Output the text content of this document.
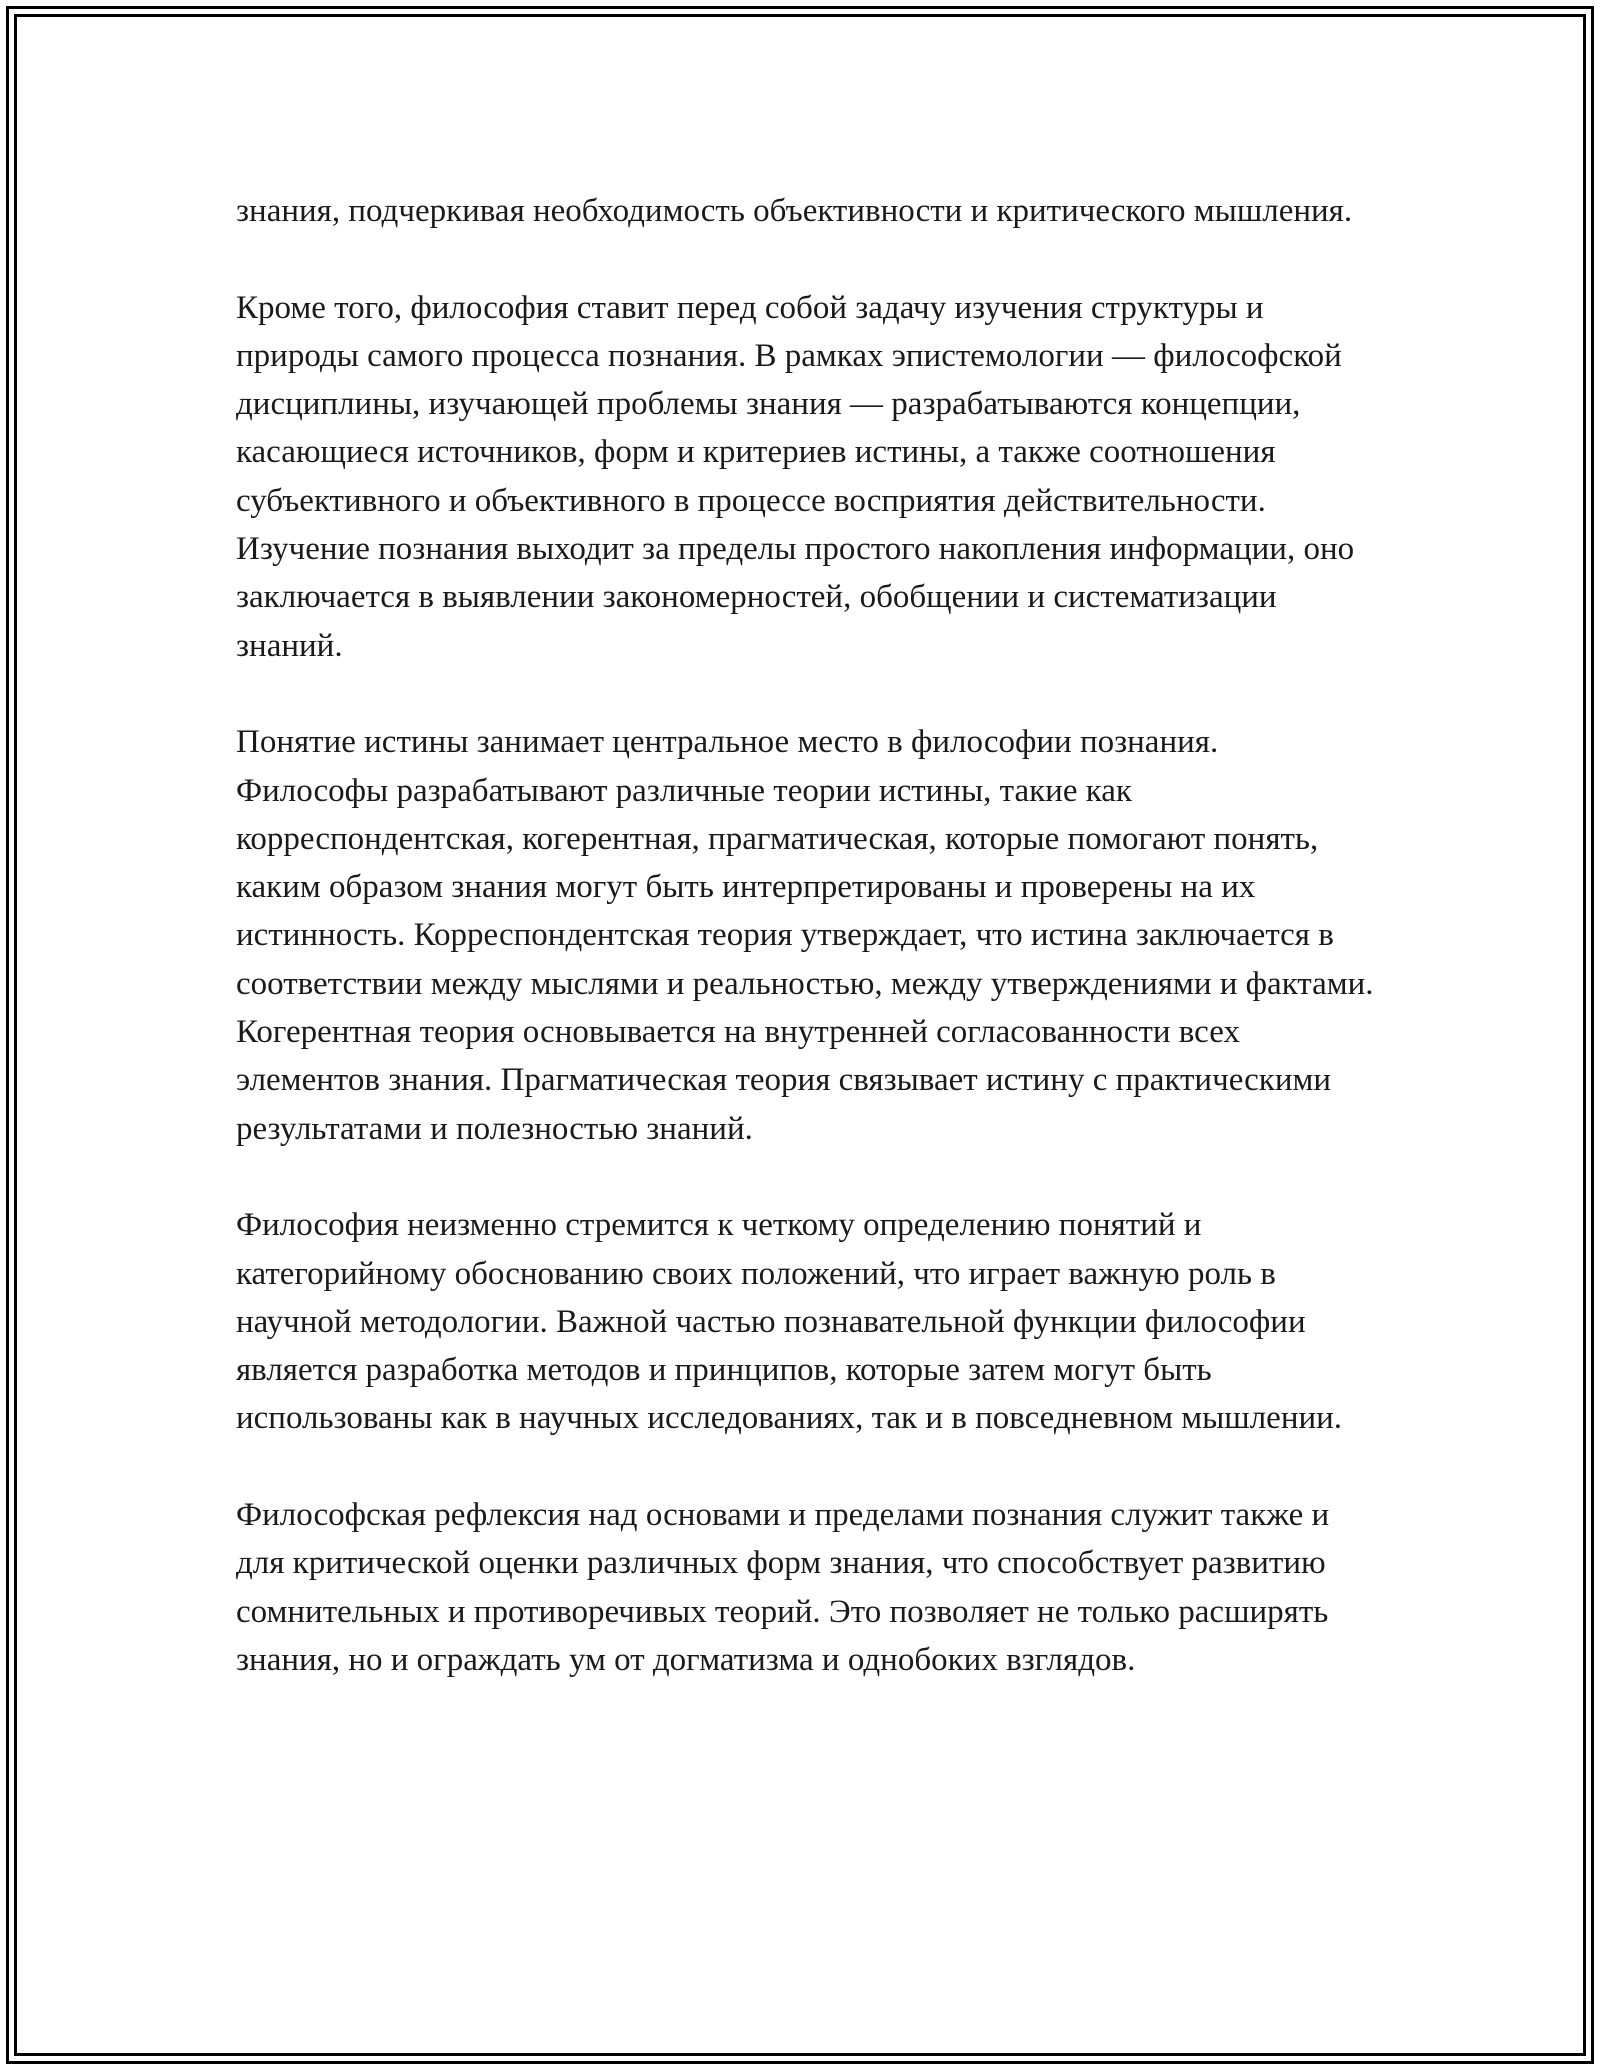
знания, подчеркивая необходимость объективности и критического мышления.

Кроме того, философия ставит перед собой задачу изучения структуры и природы самого процесса познания. В рамках эпистемологии — философской дисциплины, изучающей проблемы знания — разрабатываются концепции, касающиеся источников, форм и критериев истины, а также соотношения субъективного и объективного в процессе восприятия действительности. Изучение познания выходит за пределы простого накопления информации, оно заключается в выявлении закономерностей, обобщении и систематизации знаний.

Понятие истины занимает центральное место в философии познания. Философы разрабатывают различные теории истины, такие как корреспондентская, когерентная, прагматическая, которые помогают понять, каким образом знания могут быть интерпретированы и проверены на их истинность. Корреспондентская теория утверждает, что истина заключается в соответствии между мыслями и реальностью, между утверждениями и фактами. Когерентная теория основывается на внутренней согласованности всех элементов знания. Прагматическая теория связывает истину с практическими результатами и полезностью знаний.

Философия неизменно стремится к четкому определению понятий и категорийному обоснованию своих положений, что играет важную роль в научной методологии. Важной частью познавательной функции философии является разработка методов и принципов, которые затем могут быть использованы как в научных исследованиях, так и в повседневном мышлении.

Философская рефлексия над основами и пределами познания служит также и для критической оценки различных форм знания, что способствует развитию сомнительных и противоречивых теорий. Это позволяет не только расширять знания, но и ограждать ум от догматизма и однобоких взглядов.
